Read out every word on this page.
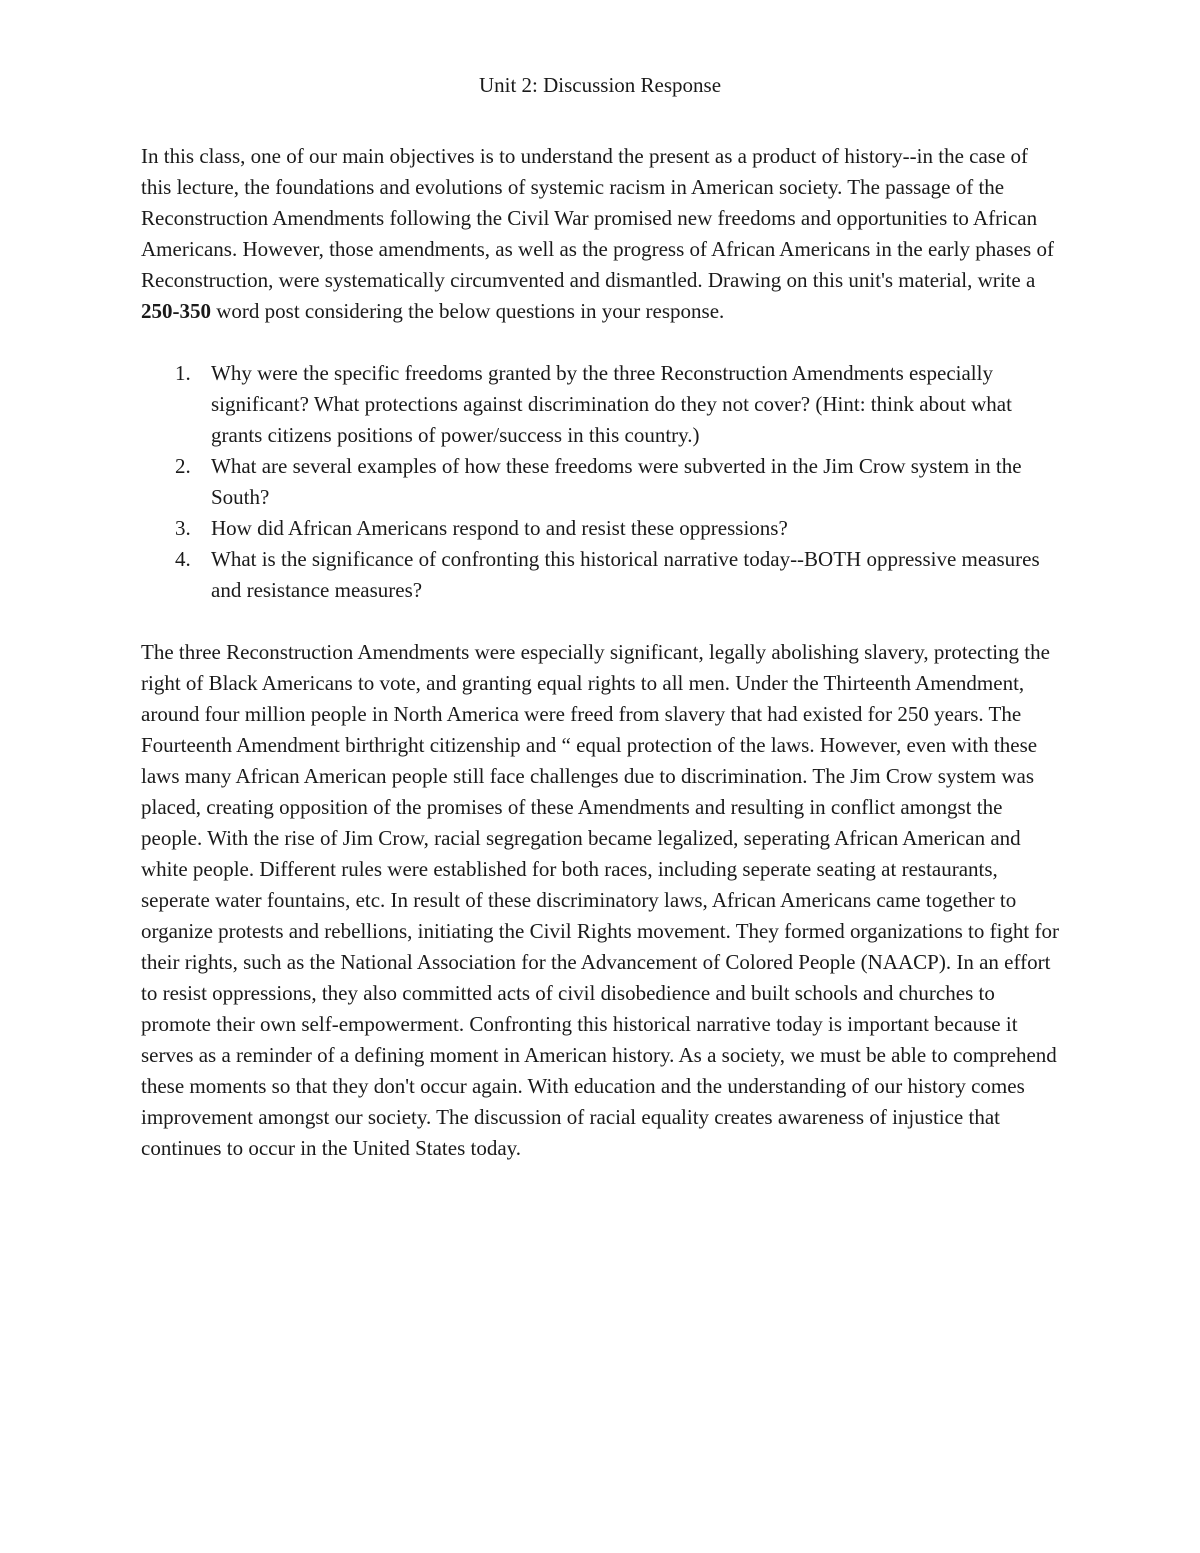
Unit 2: Discussion Response

In this class, one of our main objectives is to understand the present as a product of history--in the case of this lecture, the foundations and evolutions of systemic racism in American society. The passage of the Reconstruction Amendments following the Civil War promised new freedoms and opportunities to African Americans. However, those amendments, as well as the progress of African Americans in the early phases of Reconstruction, were systematically circumvented and dismantled. Drawing on this unit's material, write a 250-350 word post considering the below questions in your response.

1. Why were the specific freedoms granted by the three Reconstruction Amendments especially significant? What protections against discrimination do they not cover? (Hint: think about what grants citizens positions of power/success in this country.)
2. What are several examples of how these freedoms were subverted in the Jim Crow system in the South?
3. How did African Americans respond to and resist these oppressions?
4. What is the significance of confronting this historical narrative today--BOTH oppressive measures and resistance measures?

The three Reconstruction Amendments were especially significant, legally abolishing slavery, protecting the right of Black Americans to vote, and granting equal rights to all men. Under the Thirteenth Amendment, around four million people in North America were freed from slavery that had existed for 250 years. The Fourteenth Amendment birthright citizenship and “ equal protection of the laws. However, even with these laws many African American people still face challenges due to discrimination. The Jim Crow system was placed, creating opposition of the promises of these Amendments and resulting in conflict amongst the people. With the rise of Jim Crow, racial segregation became legalized, seperating African American and white people. Different rules were established for both races, including seperate seating at restaurants, seperate water fountains, etc. In result of these discriminatory laws, African Americans came together to organize protests and rebellions, initiating the Civil Rights movement. They formed organizations to fight for their rights, such as the National Association for the Advancement of Colored People (NAACP). In an effort to resist oppressions, they also committed acts of civil disobedience and built schools and churches to promote their own self-empowerment. Confronting this historical narrative today is important because it serves as a reminder of a defining moment in American history. As a society, we must be able to comprehend these moments so that they don't occur again. With education and the understanding of our history comes improvement amongst our society. The discussion of racial equality creates awareness of injustice that continues to occur in the United States today.
